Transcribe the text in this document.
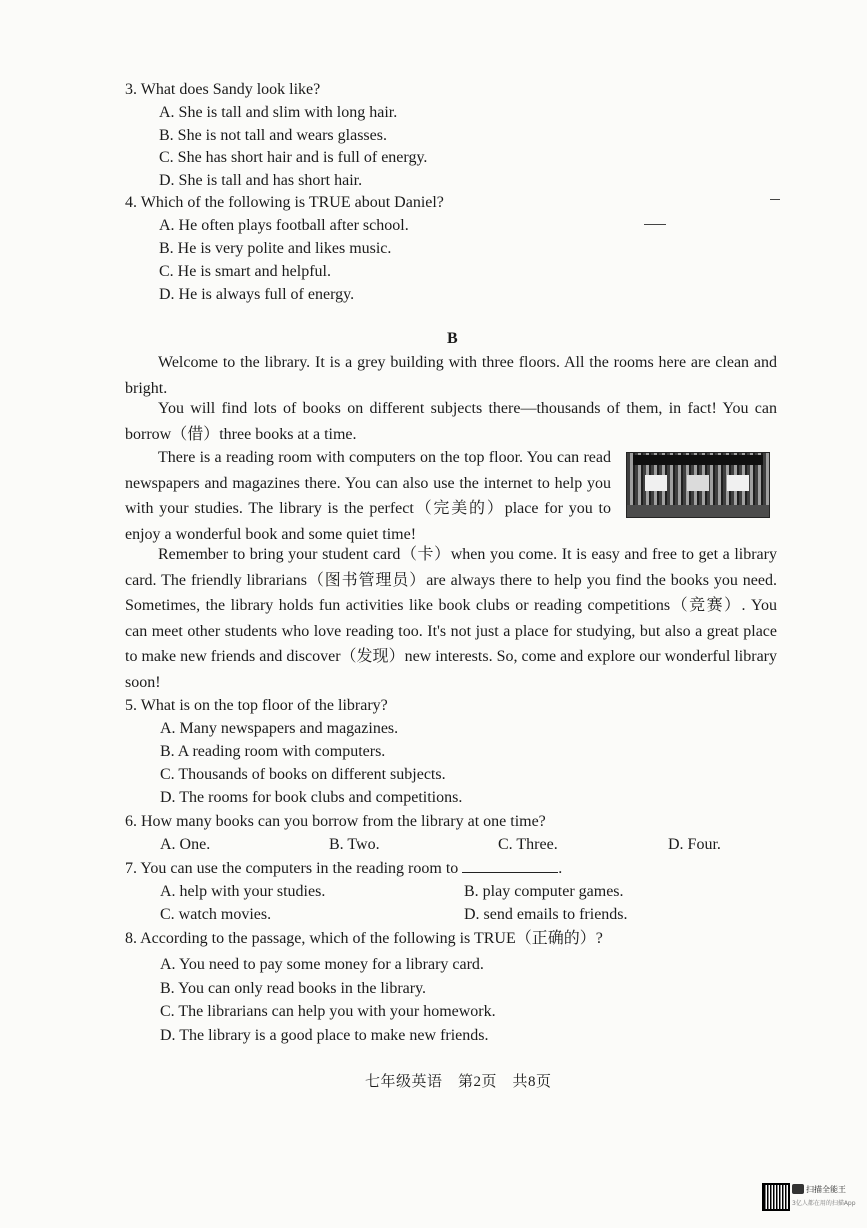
3. What does Sandy look like?
A. She is tall and slim with long hair.
B. She is not tall and wears glasses.
C. She has short hair and is full of energy.
D. She is tall and has short hair.
4. Which of the following is TRUE about Daniel?
A. He often plays football after school.
B. He is very polite and likes music.
C. He is smart and helpful.
D. He is always full of energy.
B
Welcome to the library. It is a grey building with three floors. All the rooms here are clean and bright.
You will find lots of books on different subjects there—thousands of them, in fact! You can borrow（借）three books at a time.
There is a reading room with computers on the top floor. You can read newspapers and magazines there. You can also use the internet to help you with your studies. The library is the perfect（完美的）place for you to enjoy a wonderful book and some quiet time!
Remember to bring your student card（卡）when you come. It is easy and free to get a library card. The friendly librarians（图书管理员）are always there to help you find the books you need. Sometimes, the library holds fun activities like book clubs or reading competitions（竞赛）. You can meet other students who love reading too. It's not just a place for studying, but also a great place to make new friends and discover（发现）new interests. So, come and explore our wonderful library soon!
5. What is on the top floor of the library?
A. Many newspapers and magazines.
B. A reading room with computers.
C. Thousands of books on different subjects.
D. The rooms for book clubs and competitions.
6. How many books can you borrow from the library at one time?
A. One.	B. Two.	C. Three.	D. Four.
7. You can use the computers in the reading room to	.
A. help with your studies.	B. play computer games.
C. watch movies.	D. send emails to friends.
8. According to the passage, which of the following is TRUE（正确的）?
A. You need to pay some money for a library card.
B. You can only read books in the library.
C. The librarians can help you with your homework.
D. The library is a good place to make new friends.
七年级英语　第2页　共8页
扫描全能王
3亿人都在用的扫描App
